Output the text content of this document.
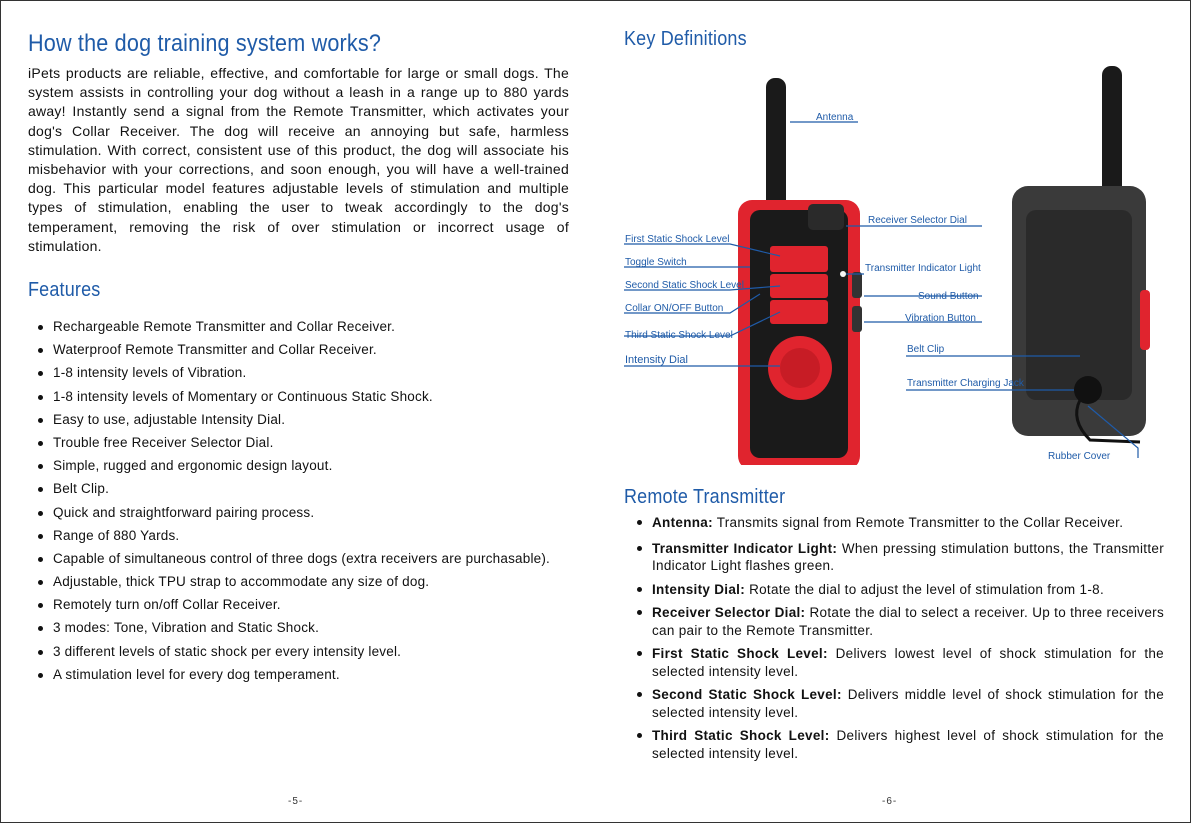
How the dog training system works?

iPets products are reliable, effective, and comfortable for large or small dogs. The system assists in controlling your dog without a leash in a range up to 880 yards away! Instantly send a signal from the Remote Transmitter, which activates your dog's Collar Receiver. The dog will receive an annoying but safe, harmless stimulation. With correct, consistent use of this product, the dog will associate his misbehavior with your corrections, and soon enough, you will have a well-trained dog. This particular model features adjustable levels of stimulation and multiple types of stimulation, enabling the user to tweak accordingly to the dog's temperament, removing the risk of over stimulation or incorrect usage of stimulation.

Features
Rechargeable Remote Transmitter and Collar Receiver.
Waterproof Remote Transmitter and Collar Receiver.
1-8 intensity levels of Vibration.
1-8 intensity levels of Momentary or Continuous Static Shock.
Easy to use, adjustable Intensity Dial.
Trouble free Receiver Selector Dial.
Simple, rugged and ergonomic design layout.
Belt Clip.
Quick and straightforward pairing process.
Range of 880 Yards.
Capable of simultaneous control of three dogs (extra receivers are purchasable).
Adjustable, thick TPU strap to accommodate any size of dog.
Remotely turn on/off Collar Receiver.
3 modes: Tone, Vibration and Static Shock.
3 different levels of static shock per every intensity level.
A stimulation level for every dog temperament.
-5-
Key Definitions
Antenna
Receiver Selector Dial
First Static Shock Level
Toggle Switch
Transmitter Indicator Light
Second Static Shock Level
Sound Button
Collar ON/OFF Button
Vibration Button
Third Static Shock Level
Belt Clip
Intensity Dial
Transmitter Charging Jack
Rubber Cover
Remote Transmitter
Antenna: Transmits signal from Remote Transmitter to the Collar Receiver.
Transmitter Indicator Light: When pressing stimulation buttons, the Transmitter Indicator Light flashes green.
Intensity Dial: Rotate the dial to adjust the level of stimulation from 1-8.
Receiver Selector Dial: Rotate the dial to select a receiver. Up to three receivers can pair to the Remote Transmitter.
First Static Shock Level: Delivers lowest level of shock stimulation for the selected intensity level.
Second Static Shock Level: Delivers middle level of shock stimulation for the selected intensity level.
Third Static Shock Level: Delivers highest level of shock stimulation for the selected intensity level.
-6-
